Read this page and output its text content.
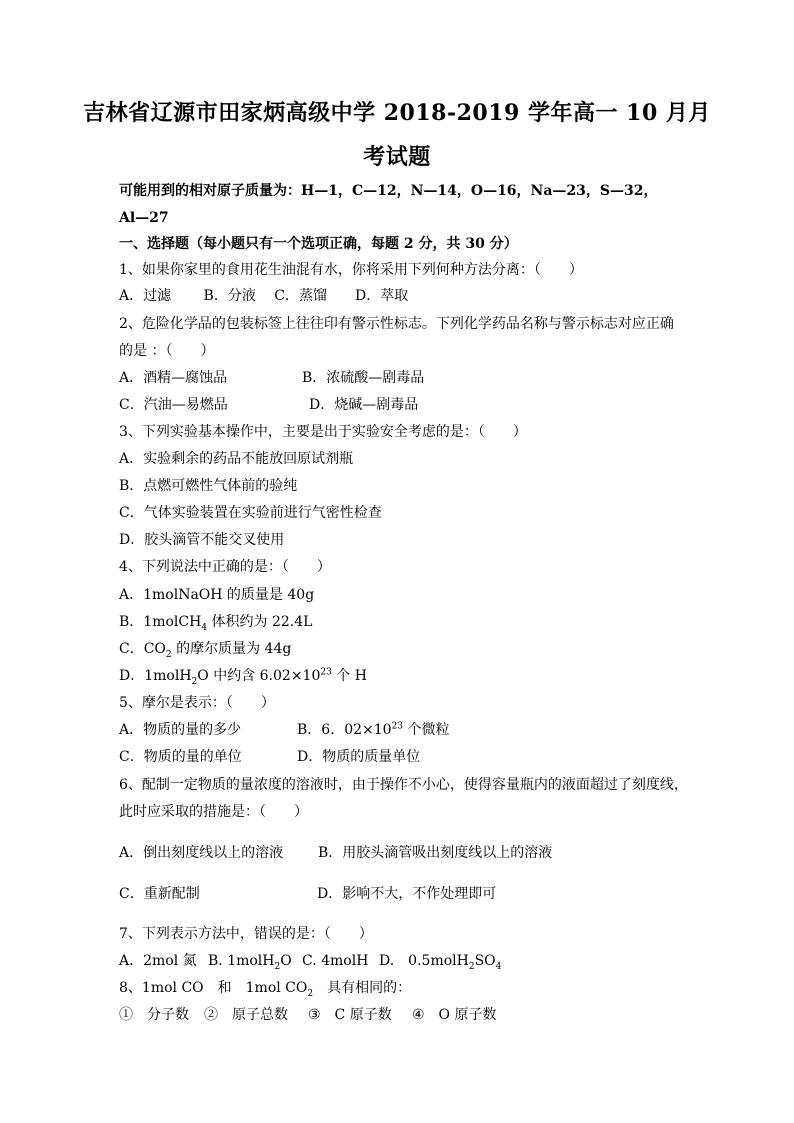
吉林省辽源市田家炳高级中学 2018-2019 学年高一 10 月月
考试题
可能用到的相对原子质量为：H—1，C—12，N—14，O—16，Na—23，S—32，
Al—27
一、选择题（每小题只有一个选项正确，每题 2 分，共 30 分）
1、如果你家里的食用花生油混有水，你将采用下列何种方法分离：（　　）
A．过滤　　 B．分液　 C．蒸馏　　D．萃取
2、危险化学品的包装标签上往往印有警示性标志。下列化学药品名称与警示标志对应正确
的是 ：（　　）
A．酒精—腐蚀品	B．浓硫酸—剧毒品
C．汽油—易燃品	D．烧碱—剧毒品
3、下列实验基本操作中，主要是出于实验安全考虑的是：（　　）
A．实验剩余的药品不能放回原试剂瓶
B．点燃可燃性气体前的验纯
C．气体实验装置在实验前进行气密性检查
D．胶头滴管不能交叉使用
4、下列说法中正确的是：（　　）
A．1molNaOH 的质量是 40g
B．1molCH$_4$ 体积约为 22.4L
C．$CO_2$ 的摩尔质量为 44g
D．1molH$_2$O 中约含 $6.02\times 10^{23}$ 个 H
5、摩尔是表示：（　　）
A．物质的量的多少	B．6．$02\times 10^{23}$ 个微粒
C．物质的量的单位	D．物质的质量单位
6、配制一定物质的量浓度的溶液时，由于操作不小心，使得容量瓶内的液面超过了刻度线，
此时应采取的措施是：（　　）
A．倒出刻度线以上的溶液 B．用胶头滴管吸出刻度线以上的溶液
C．重新配制	D．影响不大，不作处理即可
7、下列表示方法中，错误的是：（　　）
A．2mol 氮 B. 1molH$_2$O C. 4molH D.　$0.5molH_2SO_4$
8、1mol CO　和　1mol $CO_2$　具有相同的：
①　分子数 ②　原子总数 ③　C 原子数 ④　O 原子数
